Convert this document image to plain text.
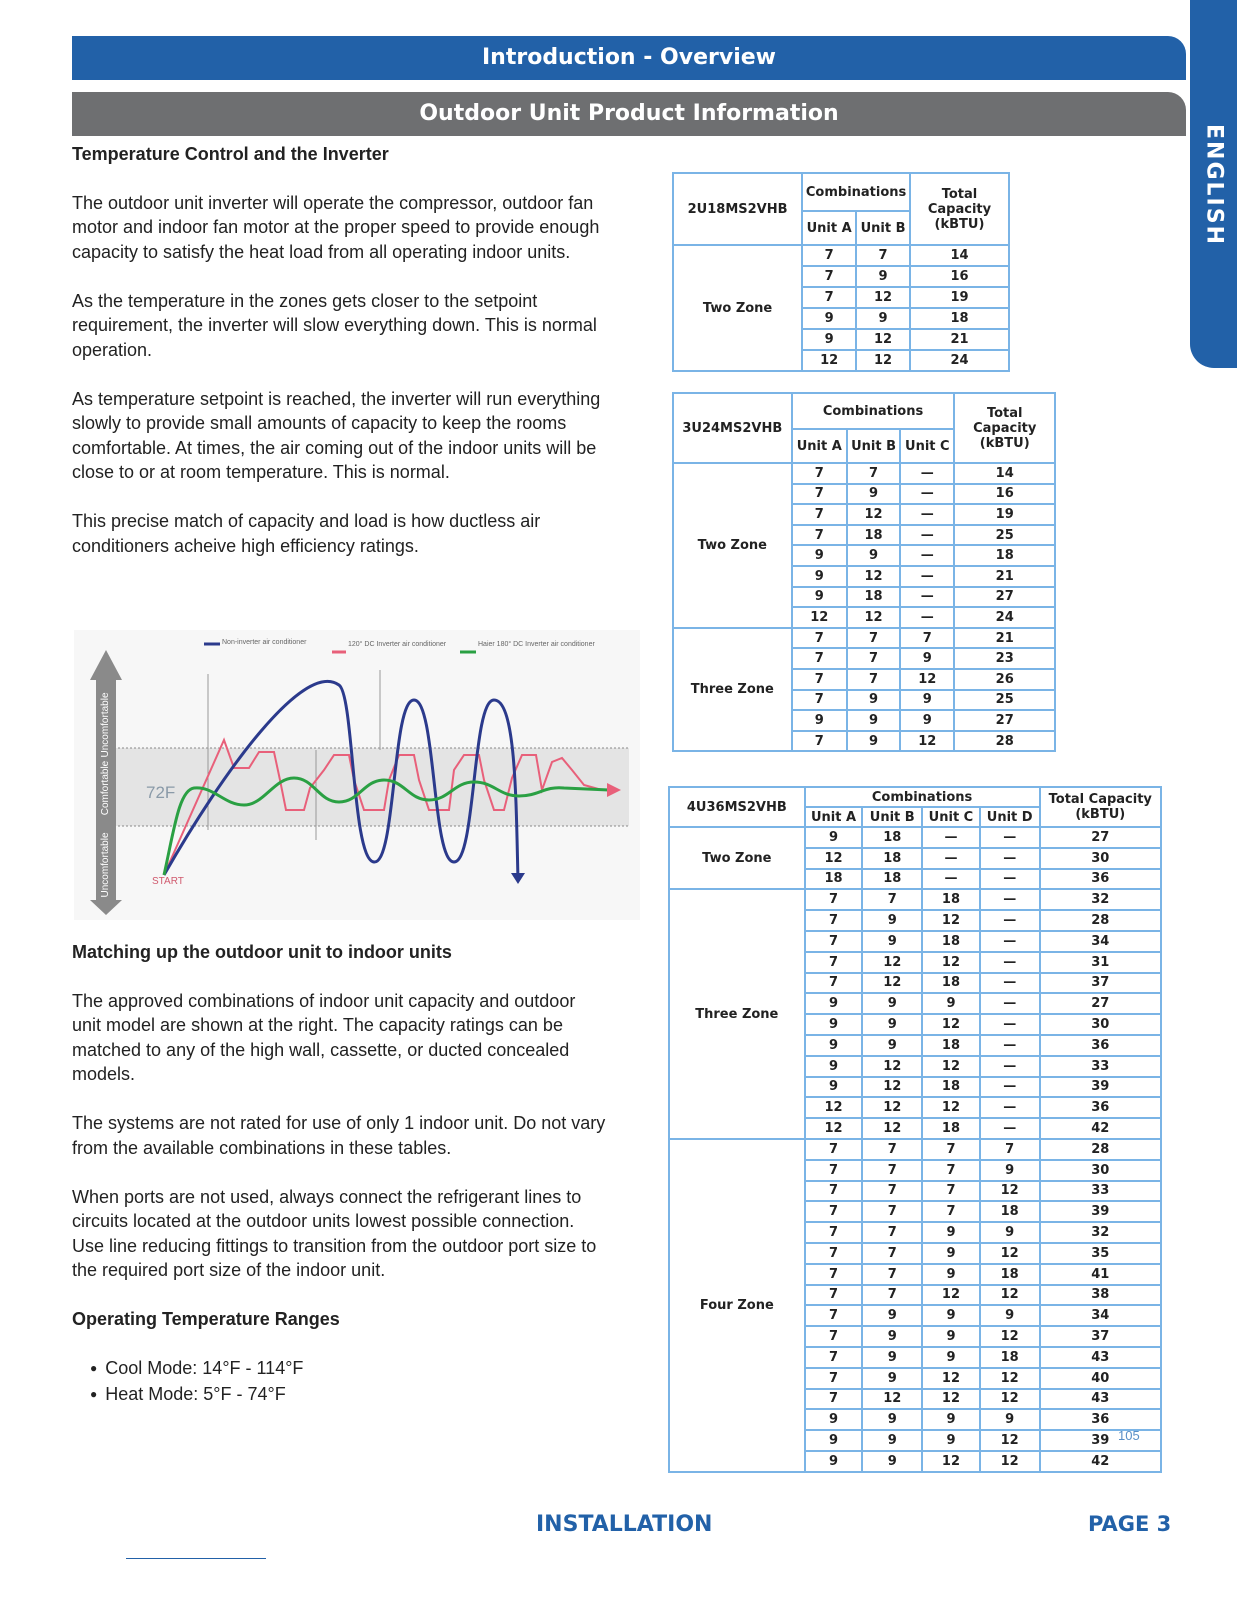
Introduction - Overview
Outdoor Unit Product Information
ENGLISH
Temperature Control and the Inverter

The outdoor unit inverter will operate the compressor, outdoor fan motor and indoor fan motor at the proper speed to provide enough capacity to satisfy the heat load from all operating indoor units.

As the temperature in the zones gets closer to the setpoint requirement, the inverter will slow everything down. This is normal operation.

As temperature setpoint is reached, the inverter will run everything slowly to provide small amounts of capacity to keep the rooms comfortable. At times, the air coming out of the indoor units will be close to or at room temperature. This is normal.

This precise match of capacity and load is how ductless air conditioners acheive high efficiency ratings.

Uncomfortable
Comfortable
Uncomfortable
72F
START
Non-inverter air conditioner	120° DC Inverter air conditioner	Haier 180° DC Inverter air conditioner
Matching up the outdoor unit to indoor units

The approved combinations of indoor unit capacity and outdoor unit model are shown at the right. The capacity ratings can be matched to any of the high wall, cassette, or ducted concealed models.

The systems are not rated for use of only 1 indoor unit. Do not vary from the available combinations in these tables.

When ports are not used, always connect the refrigerant lines to circuits located at the outdoor units lowest possible connection. Use line reducing fittings to transition from the outdoor port size to the required port size of the indoor unit.

Operating Temperature Ranges
● Cool Mode: 14°F - 114°F
● Heat Mode: 5°F - 74°F
2U18MS2VHB	Combinations		Total Capacity (kBTU)
	Unit A	Unit B	
Two Zone	7	7	14
	7	9	16
	7	12	19
	9	9	18
	9	12	21
	12	12	24
3U24MS2VHB	Combinations			Total Capacity (kBTU)
	Unit A	Unit B	Unit C	
Two Zone	7	7	—	14
	7	9	—	16
	7	12	—	19
	7	18	—	25
	9	9	—	18
	9	12	—	21
	9	18	—	27
	12	12	—	24
Three Zone	7	7	7	21
	7	7	9	23
	7	7	12	26
	7	9	9	25
	9	9	9	27
	7	9	12	28
4U36MS2VHB	Combinations				Total Capacity (kBTU)
	Unit A	Unit B	Unit C	Unit D	
Two Zone	9	18	—	—	27
	12	18	—	—	30
	18	18	—	—	36
Three Zone	7	7	18	—	32
	7	9	12	—	28
	7	9	18	—	34
	7	12	12	—	31
	7	12	18	—	37
	9	9	9	—	27
	9	9	12	—	30
	9	9	18	—	36
	9	12	12	—	33
	9	12	18	—	39
	12	12	12	—	36
	12	12	18	—	42
Four Zone	7	7	7	7	28
	7	7	7	9	30
	7	7	7	12	33
	7	7	7	18	39
	7	7	9	9	32
	7	7	9	12	35
	7	7	9	18	41
	7	7	12	12	38
	7	9	9	9	34
	7	9	9	12	37
	7	9	9	18	43
	7	9	12	12	40
	7	12	12	12	43
	9	9	9	9	36
	9	9	9	12	39
	9	9	12	12	42
105
INSTALLATION	PAGE 3
